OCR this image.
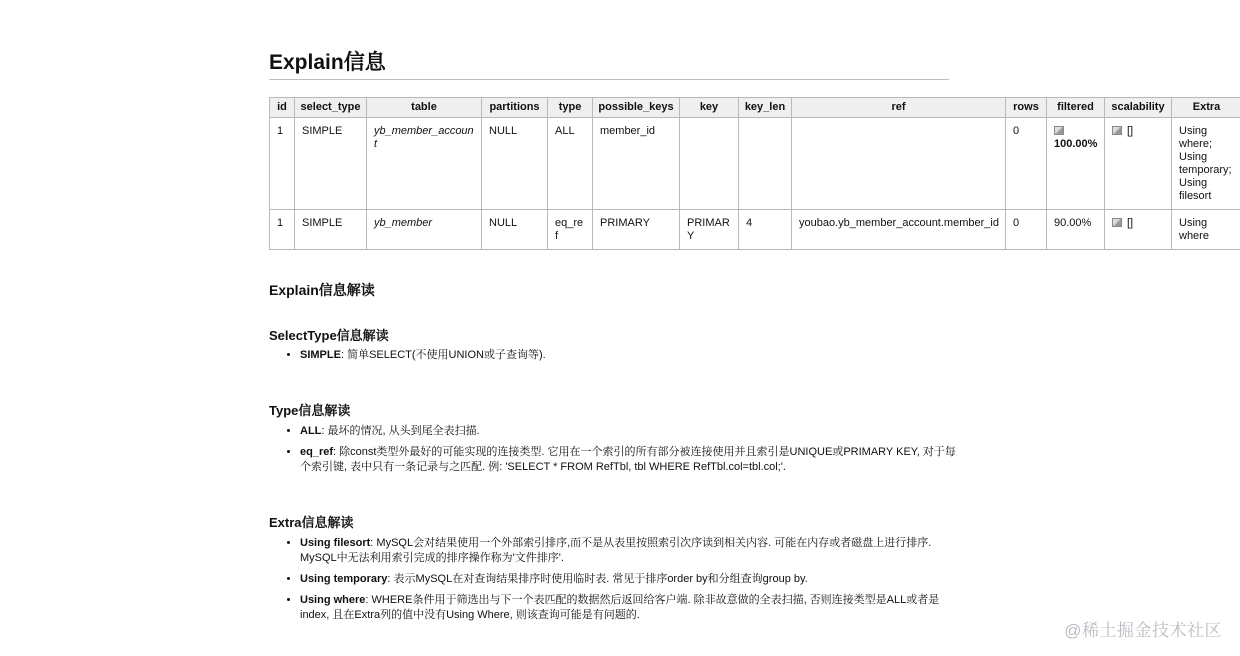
Explain信息
id	select_type	table	partitions	type	possible_keys	key	key_len	ref	rows	filtered	scalability	Extra
1	SIMPLE	yb_member_account	NULL	ALL	member_id				0	100.00%	[]	Using where; Using temporary; Using filesort
1	SIMPLE	yb_member	NULL	eq_ref	PRIMARY	PRIMARY	4	youbao.yb_member_account.member_id	0	90.00%	[]	Using where
Explain信息解读
SelectType信息解读
• SIMPLE: 简单SELECT(不使用UNION或子查询等).
Type信息解读
• ALL: 最坏的情况, 从头到尾全表扫描.
• eq_ref: 除const类型外最好的可能实现的连接类型. 它用在一个索引的所有部分被连接使用并且索引是UNIQUE或PRIMARY KEY, 对于每个索引键, 表中只有一条记录与之匹配. 例: 'SELECT * FROM RefTbl, tbl WHERE RefTbl.col=tbl.col;'.
Extra信息解读
• Using filesort: MySQL会对结果使用一个外部索引排序,而不是从表里按照索引次序读到相关内容. 可能在内存或者磁盘上进行排序. MySQL中无法利用索引完成的排序操作称为'文件排序'.
• Using temporary: 表示MySQL在对查询结果排序时使用临时表. 常见于排序order by和分组查询group by.
• Using where: WHERE条件用于筛选出与下一个表匹配的数据然后返回给客户端. 除非故意做的全表扫描, 否则连接类型是ALL或者是index, 且在Extra列的值中没有Using Where, 则该查询可能是有问题的.
@稀土掘金技术社区
